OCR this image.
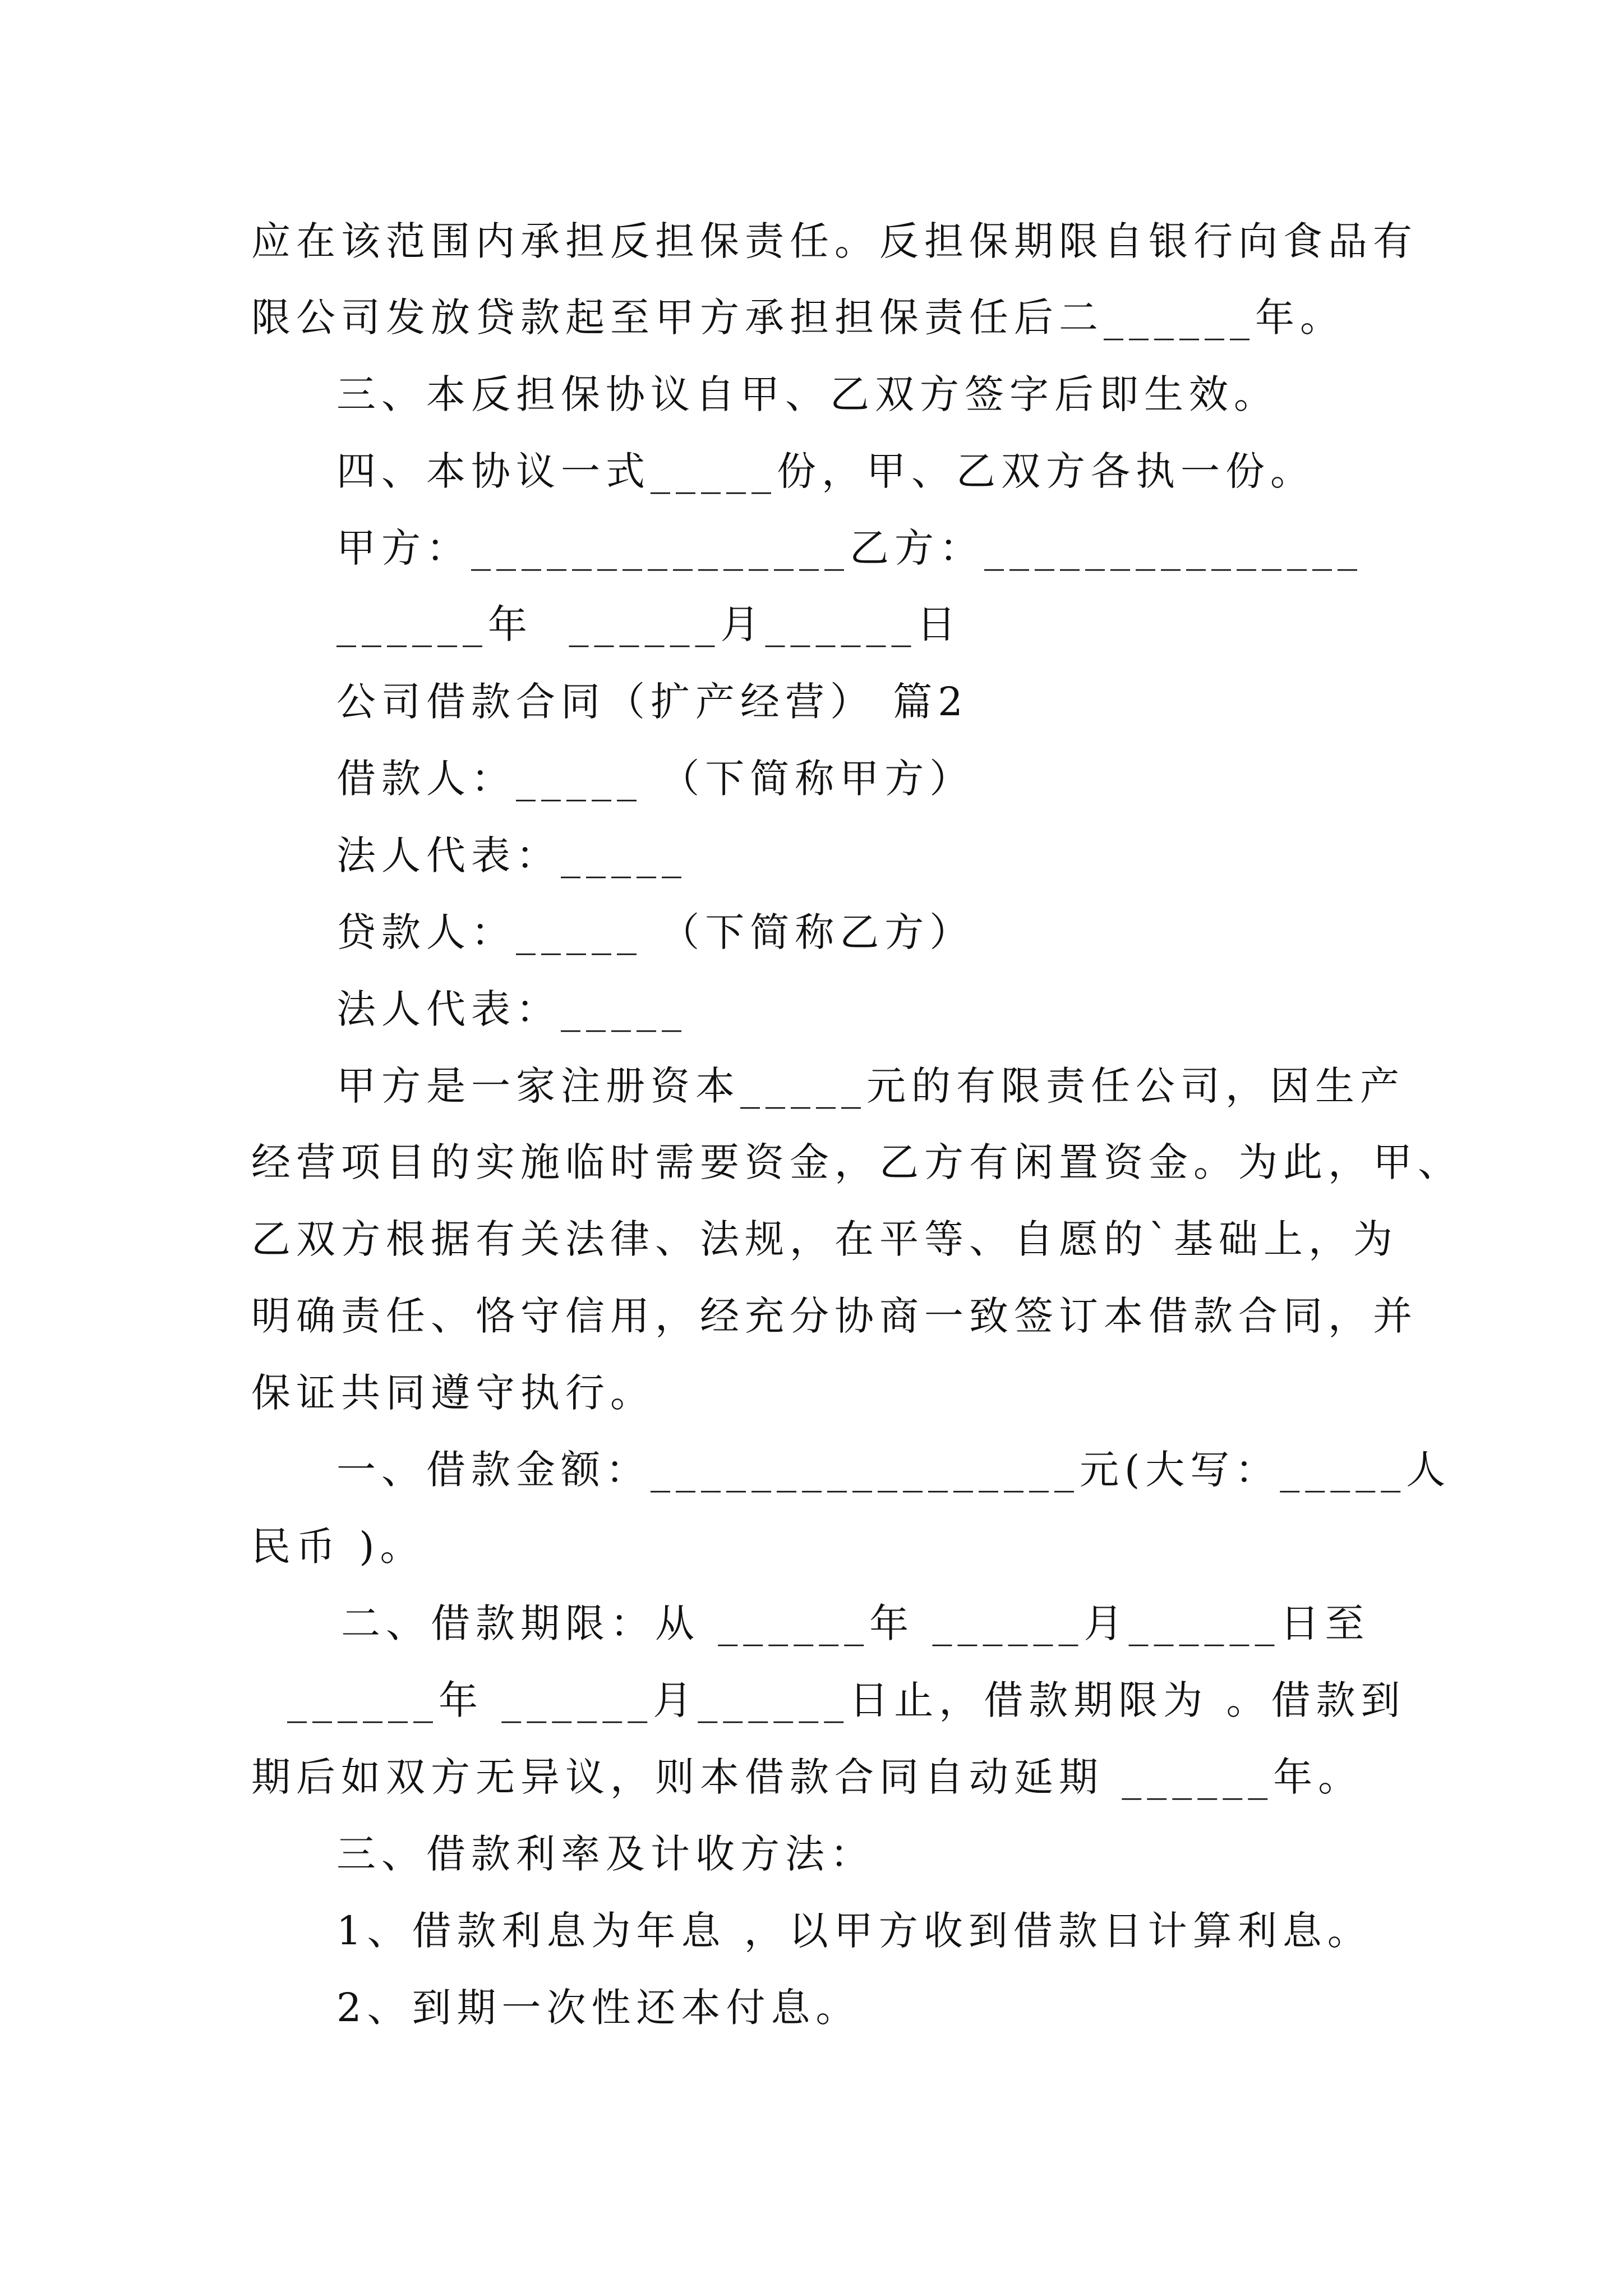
应在该范围内承担反担保责任。反担保期限自银行向食品有
限公司发放贷款起至甲方承担担保责任后二______年。
三、本反担保协议自甲、乙双方签字后即生效。
四、本协议一式_____份，甲、乙双方各执一份。
甲方：_______________乙方：_______________
______年  ______月______日
公司借款合同（扩产经营） 篇2
借款人：_____ （下简称甲方）
法人代表：_____
贷款人：_____ （下简称乙方）
法人代表：_____
甲方是一家注册资本_____元的有限责任公司，因生产
经营项目的实施临时需要资金，乙方有闲置资金。为此，甲、
乙双方根据有关法律、法规，在平等、自愿的`基础上，为
明确责任、恪守信用，经充分协商一致签订本借款合同，并
保证共同遵守执行。
一、借款金额：_________________元(大写：_____人
民币 )。
二、借款期限：从 ______年 ______月______日至
______年 ______月______日止，借款期限为 。借款到
期后如双方无异议，则本借款合同自动延期 ______年。
三、借款利率及计收方法：
1、借款利息为年息 ，以甲方收到借款日计算利息。
2、到期一次性还本付息。
